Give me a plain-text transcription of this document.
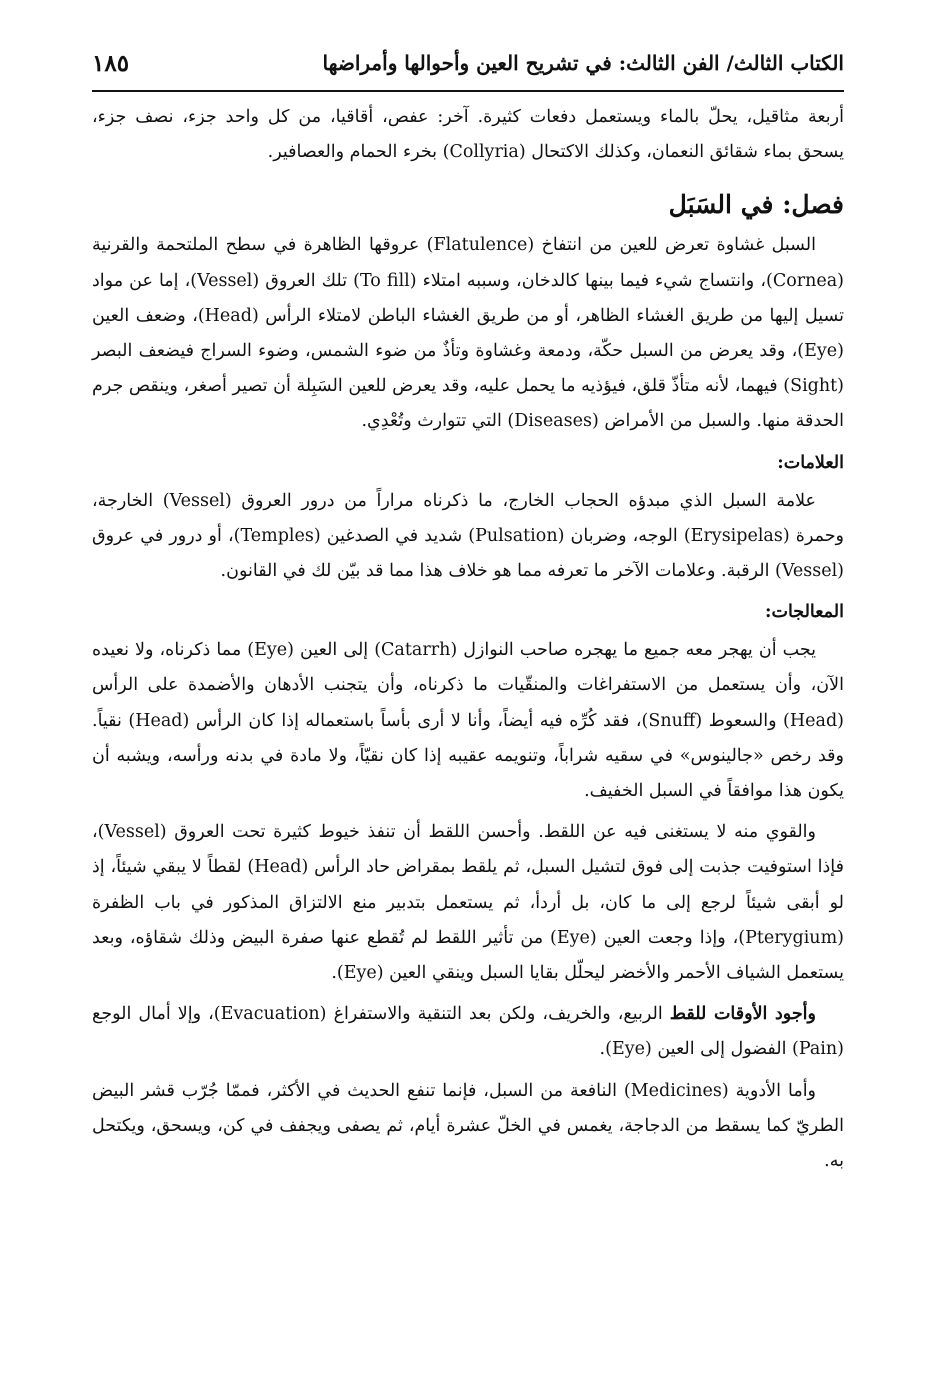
١٨٥	الكتاب الثالث/ الفن الثالث: في تشريح العين وأحوالها وأمراضها

أربعة مثاقيل، يحلّ بالماء ويستعمل دفعات كثيرة. آخر: عفص، أقاقيا، من كل واحد جزء، نصف جزء، يسحق بماء شقائق النعمان، وكذلك الاكتحال (Collyria) بخرء الحمام والعصافير.

فصل: في السَبَل

السبل غشاوة تعرض للعين من انتفاخ (Flatulence) عروقها الظاهرة في سطح الملتحمة والقرنية (Cornea)، وانتساج شيء فيما بينها كالدخان، وسببه امتلاء (To fill) تلك العروق (Vessel)، إما عن مواد تسيل إليها من طريق الغشاء الظاهر، أو من طريق الغشاء الباطن لامتلاء الرأس (Head)، وضعف العين (Eye)، وقد يعرض من السبل حكّة، ودمعة وغشاوة وتأذٌ من ضوء الشمس، وضوء السراج فيضعف البصر (Sight) فيهما، لأنه متأذّ قلق، فيؤذيه ما يحمل عليه، وقد يعرض للعين السَبِلة أن تصير أصغر، وينقص جرم الحدقة منها. والسبل من الأمراض (Diseases) التي تتوارث وتُعْدِي.

العلامات:

علامة السبل الذي مبدؤه الحجاب الخارج، ما ذكرناه مراراً من درور العروق (Vessel) الخارجة، وحمرة (Erysipelas) الوجه، وضربان (Pulsation) شديد في الصدغين (Temples)، أو درور في عروق (Vessel) الرقبة. وعلامات الآخر ما تعرفه مما هو خلاف هذا مما قد بيّن لك في القانون.

المعالجات:

يجب أن يهجر معه جميع ما يهجره صاحب النوازل (Catarrh) إلى العين (Eye) مما ذكرناه، ولا نعيده الآن، وأن يستعمل من الاستفراغات والمنقّيات ما ذكرناه، وأن يتجنب الأدهان والأضمدة على الرأس (Head) والسعوط (Snuff)، فقد كُرِّه فيه أيضاً، وأنا لا أرى بأساً باستعماله إذا كان الرأس (Head) نقياً. وقد رخص «جالينوس» في سقيه شراباً، وتنويمه عقيبه إذا كان نقيّاً، ولا مادة في بدنه ورأسه، ويشبه أن يكون هذا موافقاً في السبل الخفيف.

والقوي منه لا يستغنى فيه عن اللقط. وأحسن اللقط أن تنفذ خيوط كثيرة تحت العروق (Vessel)، فإذا استوفيت جذبت إلى فوق لتشيل السبل، ثم يلقط بمقراض حاد الرأس (Head) لقطاً لا يبقي شيئاً، إذ لو أبقى شيئاً لرجع إلى ما كان، بل أردأ، ثم يستعمل بتدبير منع الالتزاق المذكور في باب الظفرة (Pterygium)، وإذا وجعت العين (Eye) من تأثير اللقط لم تُقطع عنها صفرة البيض وذلك شقاؤه، وبعد يستعمل الشياف الأحمر والأخضر ليحلّل بقايا السبل وينقي العين (Eye).

وأجود الأوقات للقط الربيع، والخريف، ولكن بعد التنقية والاستفراغ (Evacuation)، وإلا أمال الوجع (Pain) الفضول إلى العين (Eye).

وأما الأدوية (Medicines) النافعة من السبل، فإنما تنفع الحديث في الأكثر، فممّا جُرّب قشر البيض الطريّ كما يسقط من الدجاجة، يغمس في الخلّ عشرة أيام، ثم يصفى ويجفف في كن، ويسحق، ويكتحل به.
